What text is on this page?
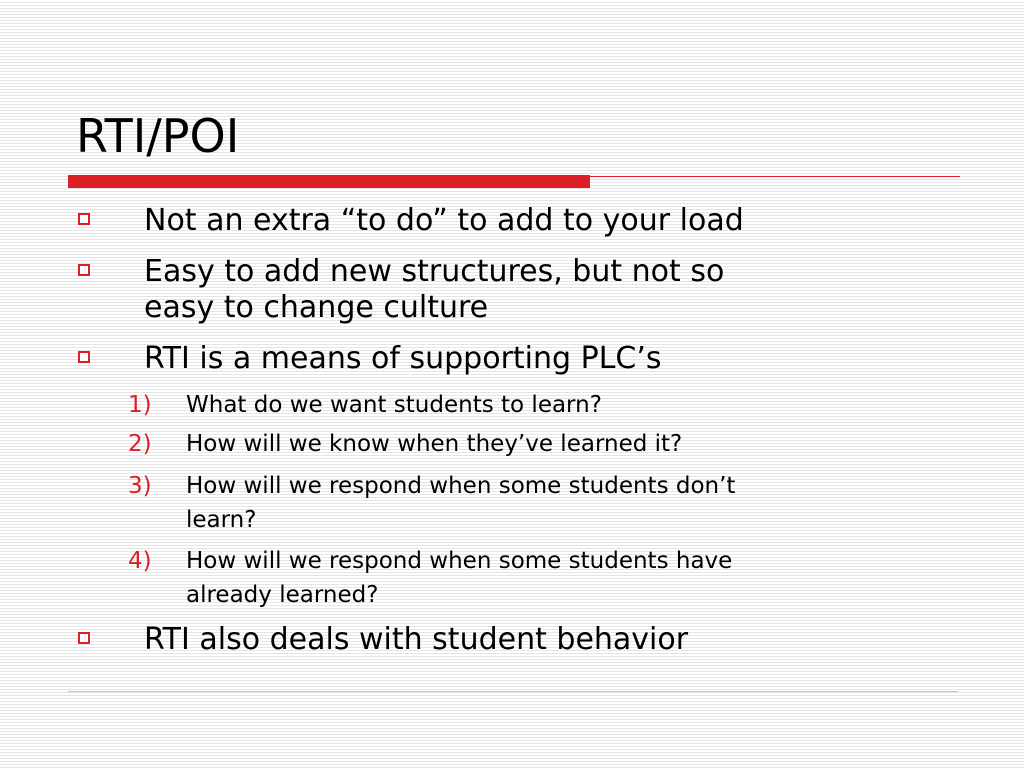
RTI/POI
Not an extra “to do” to add to your load
Easy to add new structures, but not so
easy to change culture
RTI is a means of supporting PLC’s
1) What do we want students to learn?
2) How will we know when they’ve learned it?
3) How will we respond when some students don’t
learn?
4) How will we respond when some students have
already learned?
RTI also deals with student behavior
